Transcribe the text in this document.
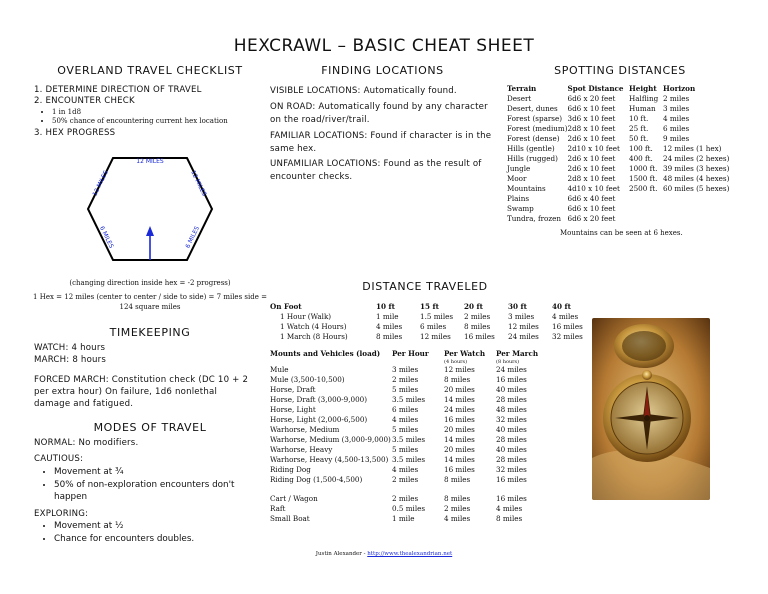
HEXCRAWL – BASIC CHEAT SHEET
OVERLAND TRAVEL CHECKLIST
1. DETERMINE DIRECTION OF TRAVEL
2. ENCOUNTER CHECK
• 1 in 1d8
• 50% chance of encountering current hex location
3. HEX PROGRESS
12 MILES
12 MILES	12 MILES
6 MILES	6 MILES
(changing direction inside hex = -2 progress)
1 Hex = 12 miles (center to center / side to side) = 7 miles side =
124 square miles
TIMEKEEPING
WATCH: 4 hours
MARCH: 8 hours
FORCED MARCH: Constitution check (DC 10 + 2 per extra hour) On failure, 1d6 nonlethal damage and fatigued.
MODES OF TRAVEL
NORMAL: No modifiers.
CAUTIOUS:
• Movement at ¾
• 50% of non-exploration encounters don't happen
EXPLORING:
• Movement at ½
• Chance for encounters doubles.
FINDING LOCATIONS
VISIBLE LOCATIONS: Automatically found.
ON ROAD: Automatically found by any character on the road/river/trail.
FAMILIAR LOCATIONS: Found if character is in the same hex.
UNFAMILIAR LOCATIONS: Found as the result of encounter checks.
SPOTTING DISTANCES
Terrain	Spot Distance
Desert	6d6 x 20 feet
Desert, dunes	6d6 x 10 feet
Forest (sparse)	3d6 x 10 feet
Forest (medium)	2d8 x 10 feet
Forest (dense)	2d6 x 10 feet
Hills (gentle)	2d10 x 10 feet
Hills (rugged)	2d6 x 10 feet
Jungle	2d6 x 10 feet
Moor	2d8 x 10 feet
Mountains	4d10 x 10 feet
Plains	6d6 x 40 feet
Swamp	6d6 x 10 feet
Tundra, frozen	6d6 x 20 feet
Height	Horizon
Halfling	2 miles
Human	3 miles
10 ft.	4 miles
25 ft.	6 miles
50 ft.	9 miles
100 ft.	12 miles (1 hex)
400 ft.	24 miles (2 hexes)
1000 ft.	39 miles (3 hexes)
1500 ft.	48 miles (4 hexes)
2500 ft.	60 miles (5 hexes)
Mountains can be seen at 6 hexes.
DISTANCE TRAVELED
On Foot	10 ft	15 ft	20 ft	30 ft	40 ft
1 Hour (Walk)	1 mile	1.5 miles	2 miles	3 miles	4 miles
1 Watch (4 Hours)	4 miles	6 miles	8 miles	12 miles	16 miles
1 March (8 Hours)	8 miles	12 miles	16 miles	24 miles	32 miles
Mounts and Vehicles (load)	Per Hour	Per Watch	Per March
		(4 hours)	(8 hours)
Mule	3 miles	12 miles	24 miles
Mule (3,500-10,500)	2 miles	8 miles	16 miles
Horse, Draft	5 miles	20 miles	40 miles
Horse, Draft (3,000-9,000)	3.5 miles	14 miles	28 miles
Horse, Light	6 miles	24 miles	48 miles
Horse, Light (2,000-6,500)	4 miles	16 miles	32 miles
Warhorse, Medium	5 miles	20 miles	40 miles
Warhorse, Medium (3,000-9,000)	3.5 miles	14 miles	28 miles
Warhorse, Heavy	5 miles	20 miles	40 miles
Warhorse, Heavy (4,500-13,500)	3.5 miles	14 miles	28 miles
Riding Dog	4 miles	16 miles	32 miles
Riding Dog (1,500-4,500)	2 miles	8 miles	16 miles

Cart / Wagon	2 miles	8 miles	16 miles
Raft	0.5 miles	2 miles	4 miles
Small Boat	1 mile	4 miles	8 miles
Justin Alexander - http://www.thealexandrian.net
